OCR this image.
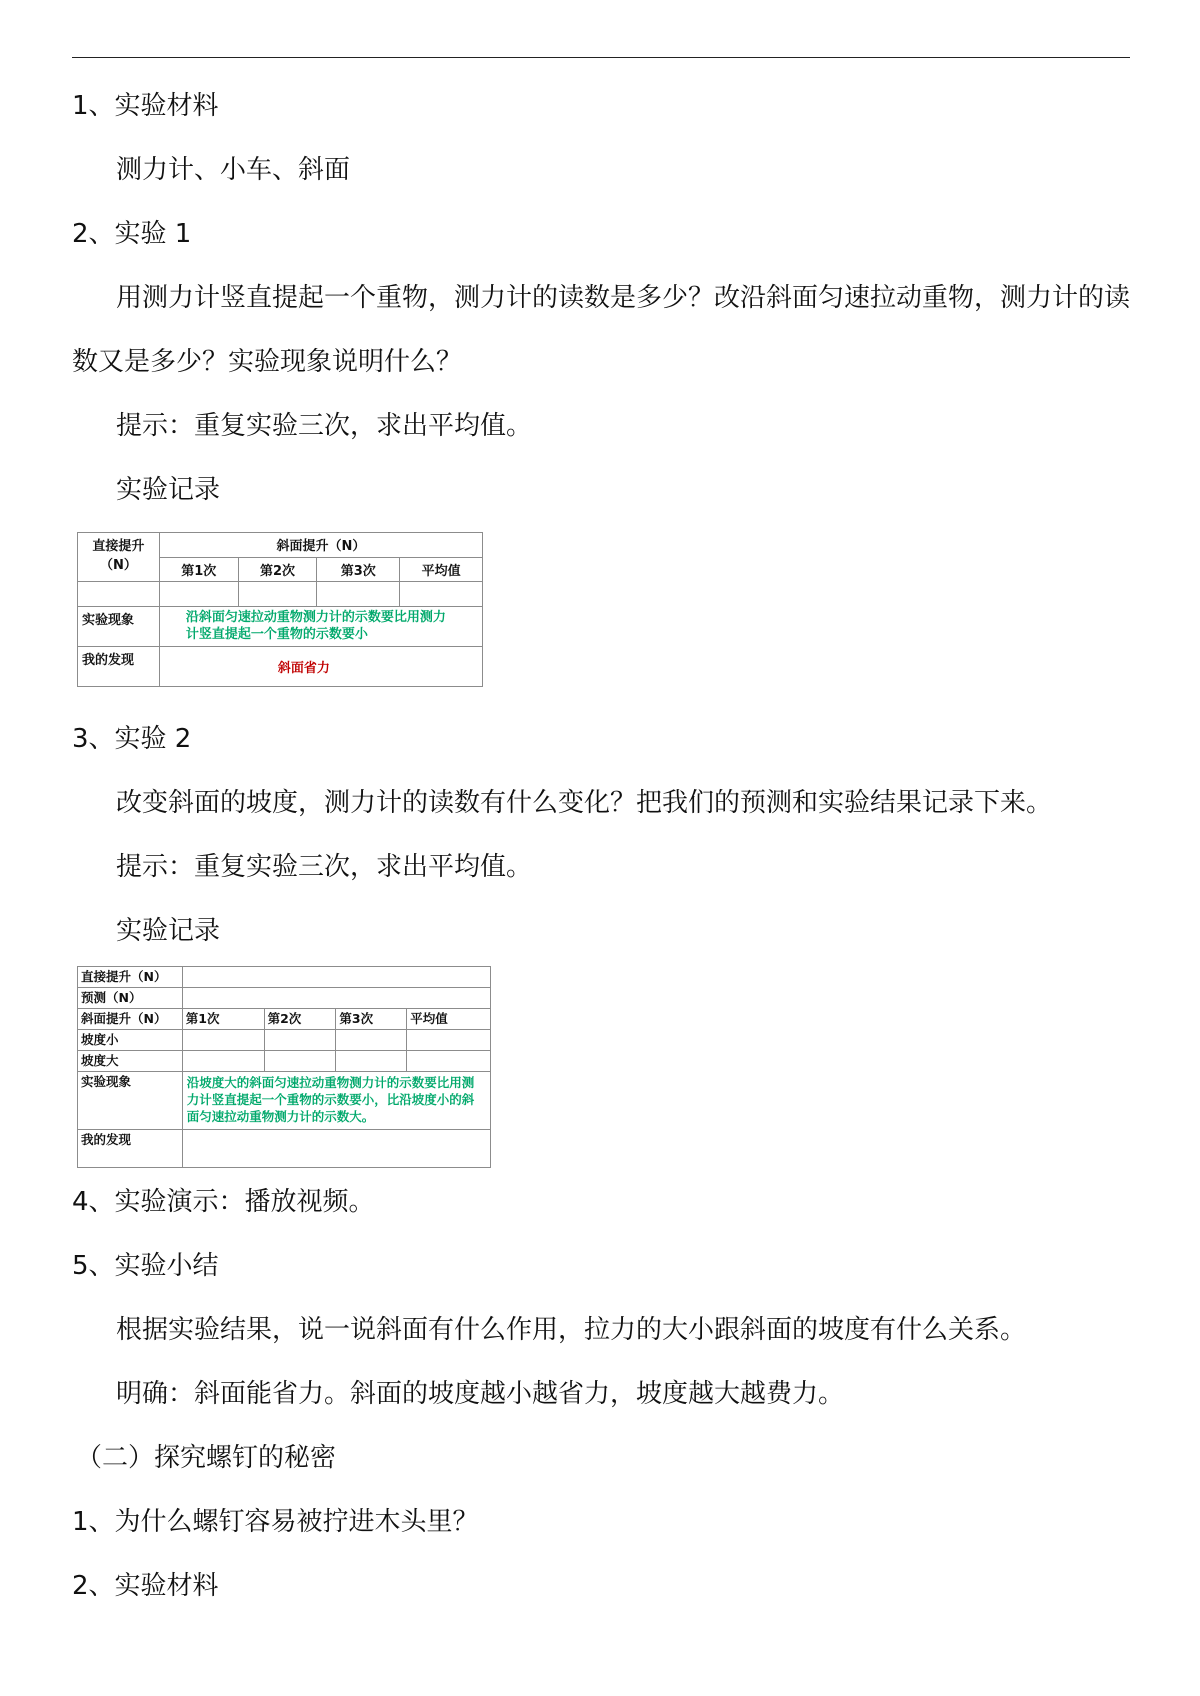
1、实验材料

测力计、小车、斜面

2、实验 1

用测力计竖直提起一个重物，测力计的读数是多少？改沿斜面匀速拉动重物，测力计的读

数又是多少？实验现象说明什么？

提示：重复实验三次，求出平均值。

实验记录

直接提升（N）	斜面提升（N）			
	第1次	第2次	第3次	平均值

实验现象	沿斜面匀速拉动重物测力计的示数要比用测力计竖直提起一个重物的示数要小			
我的发现	斜面省力			

3、实验 2

改变斜面的坡度，测力计的读数有什么变化？把我们的预测和实验结果记录下来。

提示：重复实验三次，求出平均值。

实验记录

直接提升（N）				
预测（N）				
斜面提升（N）	第1次	第2次	第3次	平均值
坡度小				
坡度大				
实验现象	沿坡度大的斜面匀速拉动重物测力计的示数要比用测力计竖直提起一个重物的示数要小，比沿坡度小的斜面匀速拉动重物测力计的示数大。			
我的发现				

4、实验演示：播放视频。

5、实验小结

根据实验结果，说一说斜面有什么作用，拉力的大小跟斜面的坡度有什么关系。

明确：斜面能省力。斜面的坡度越小越省力，坡度越大越费力。

（二）探究螺钉的秘密

1、为什么螺钉容易被拧进木头里？

2、实验材料
